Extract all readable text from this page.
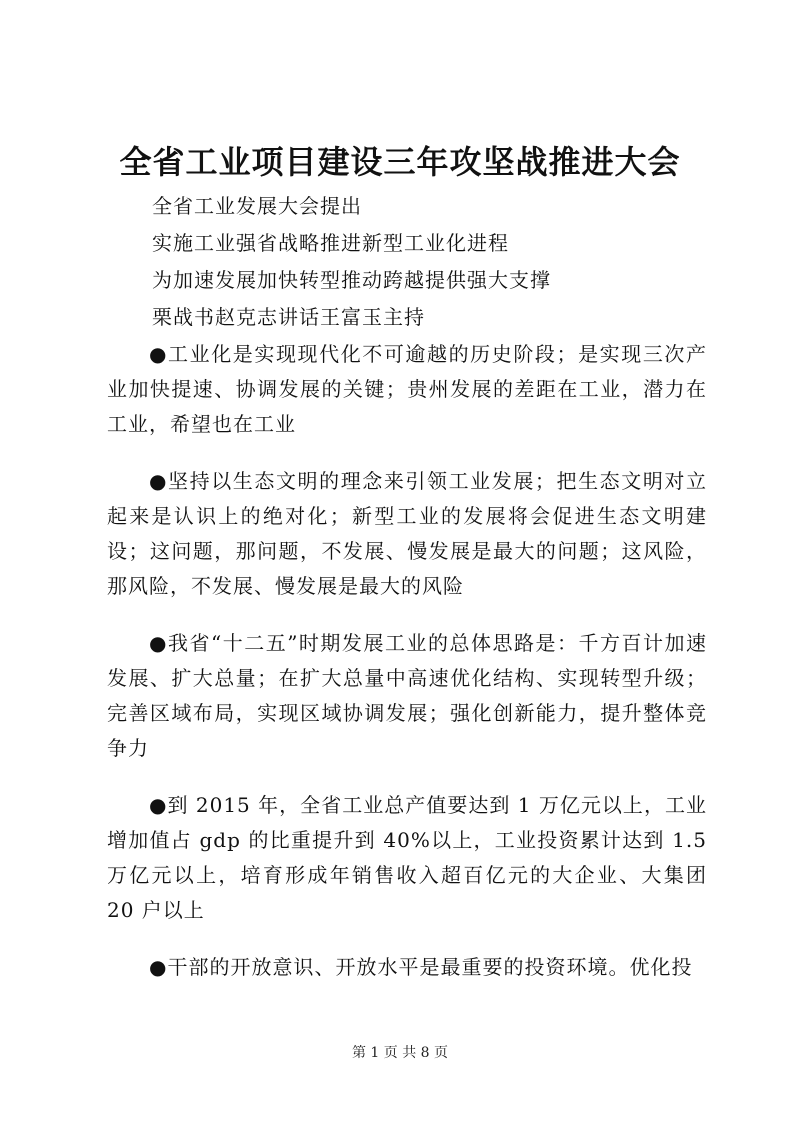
全省工业项目建设三年攻坚战推进大会
全省工业发展大会提出
实施工业强省战略推进新型工业化进程
为加速发展加快转型推动跨越提供强大支撑
栗战书赵克志讲话王富玉主持

●工业化是实现现代化不可逾越的历史阶段；是实现三次产业加快提速、协调发展的关键；贵州发展的差距在工业，潜力在工业，希望也在工业

●坚持以生态文明的理念来引领工业发展；把生态文明对立起来是认识上的绝对化；新型工业的发展将会促进生态文明建设；这问题，那问题，不发展、慢发展是最大的问题；这风险，那风险，不发展、慢发展是最大的风险

●我省“十二五”时期发展工业的总体思路是：千方百计加速发展、扩大总量；在扩大总量中高速优化结构、实现转型升级；完善区域布局，实现区域协调发展；强化创新能力，提升整体竞争力

●到 2015 年，全省工业总产值要达到 1 万亿元以上，工业增加值占 gdp 的比重提升到 40%以上，工业投资累计达到 1.5 万亿元以上，培育形成年销售收入超百亿元的大企业、大集团 20 户以上

●干部的开放意识、开放水平是最重要的投资环境。优化投

第 1 页 共 8 页
